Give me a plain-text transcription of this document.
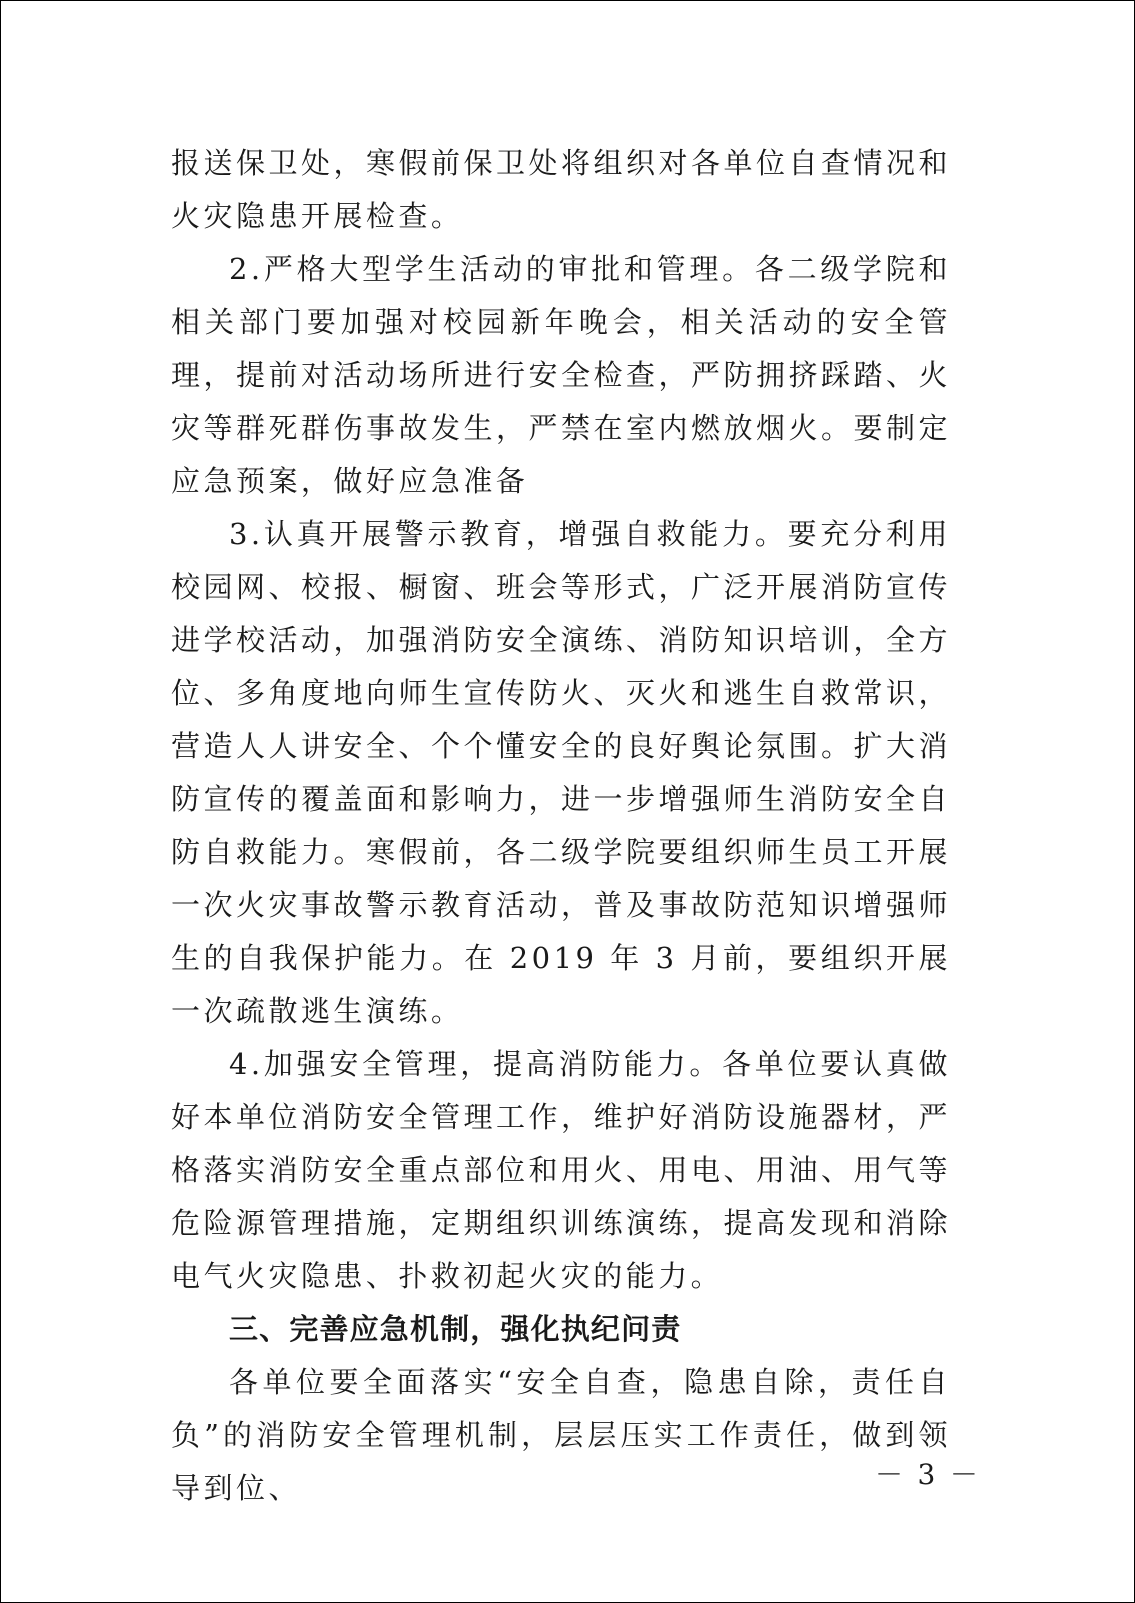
报送保卫处，寒假前保卫处将组织对各单位自查情况和火灾隐患开展检查。

2.严格大型学生活动的审批和管理。各二级学院和相关部门要加强对校园新年晚会，相关活动的安全管理，提前对活动场所进行安全检查，严防拥挤踩踏、火灾等群死群伤事故发生，严禁在室内燃放烟火。要制定应急预案，做好应急准备

3.认真开展警示教育，增强自救能力。要充分利用校园网、校报、橱窗、班会等形式，广泛开展消防宣传进学校活动，加强消防安全演练、消防知识培训，全方位、多角度地向师生宣传防火、灭火和逃生自救常识，营造人人讲安全、个个懂安全的良好舆论氛围。扩大消防宣传的覆盖面和影响力，进一步增强师生消防安全自防自救能力。寒假前，各二级学院要组织师生员工开展一次火灾事故警示教育活动，普及事故防范知识增强师生的自我保护能力。在 2019 年 3 月前，要组织开展一次疏散逃生演练。

4.加强安全管理，提高消防能力。各单位要认真做好本单位消防安全管理工作，维护好消防设施器材，严格落实消防安全重点部位和用火、用电、用油、用气等危险源管理措施，定期组织训练演练，提高发现和消除电气火灾隐患、扑救初起火灾的能力。

三、完善应急机制，强化执纪问责

各单位要全面落实“安全自查，隐患自除，责任自负”的消防安全管理机制，层层压实工作责任，做到领导到位、	－ 3 －
